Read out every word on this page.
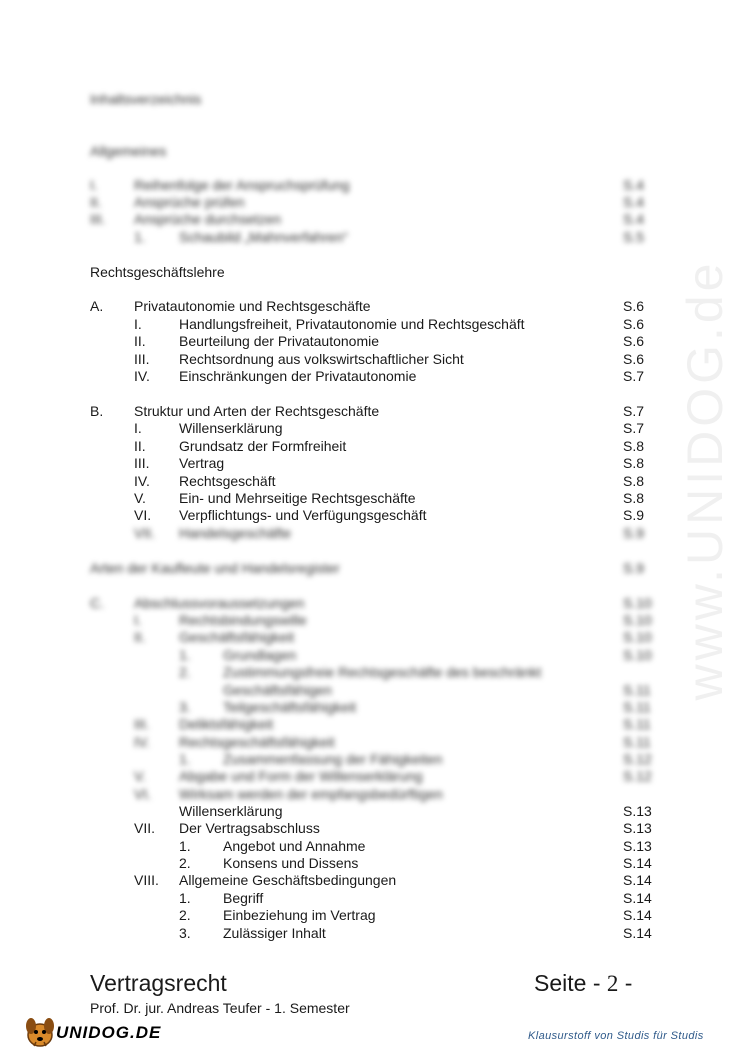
www.UNIDOG.de
Inhaltsverzeichnis
Allgemeines
I.	Reihenfolge der Anspruchsprüfung	S.4
II. Ansprüche prüfen	S.4
III. Ansprüche durchsetzen	S.4
1. Schaubild „Mahnverfahren“	S.5
Rechtsgeschäftslehre
A. Privatautonomie und Rechtsgeschäfte	S.6
I.	Handlungsfreiheit, Privatautonomie und Rechtsgeschäft	S.6
II. Beurteilung der Privatautonomie	S.6
III. Rechtsordnung aus volkswirtschaftlicher Sicht	S.6
IV. Einschränkungen der Privatautonomie	S.7
B. Struktur und Arten der Rechtsgeschäfte	S.7
I.	Willenserklärung	S.7
II. Grundsatz der Formfreiheit	S.8
III. Vertrag	S.8
IV. Rechtsgeschäft	S.8
V. Ein- und Mehrseitige Rechtsgeschäfte	S.8
VI. Verpflichtungs- und Verfügungsgeschäft	S.9
VII. Handelsgeschäfte	S.9
Arten der Kaufleute und Handelsregister	S.9
C. Abschlussvoraussetzungen	S.10
I.	Rechtsbindungswille	S.10
II. Geschäftsfähigkeit	S.10
1. Grundlagen	S.10
2. Zustimmungsfreie Rechtsgeschäfte des beschränkt
Geschäftsfähigen	S.11
3. Teilgeschäftsfähigkeit	S.11
III. Deliktsfähigkeit	S.11
IV. Rechtsgeschäftsfähigkeit	S.11
1. Zusammenfassung der Fähigkeiten	S.12
V. Abgabe und Form der Willenserklärung	S.12
VI. Wirksam werden der empfangsbedürftigen
Willenserklärung	S.13
VII. Der Vertragsabschluss	S.13
1. Angebot und Annahme	S.13
2. Konsens und Dissens	S.14
VIII. Allgemeine Geschäftsbedingungen	S.14
1. Begriff	S.14
2. Einbeziehung im Vertrag	S.14
3. Zulässiger Inhalt	S.14
Vertragsrecht	Seite - 2 -
Prof. Dr. jur. Andreas Teufer - 1. Semester
UNIDOG.DE	Klausurstoff von Studis für Studis
